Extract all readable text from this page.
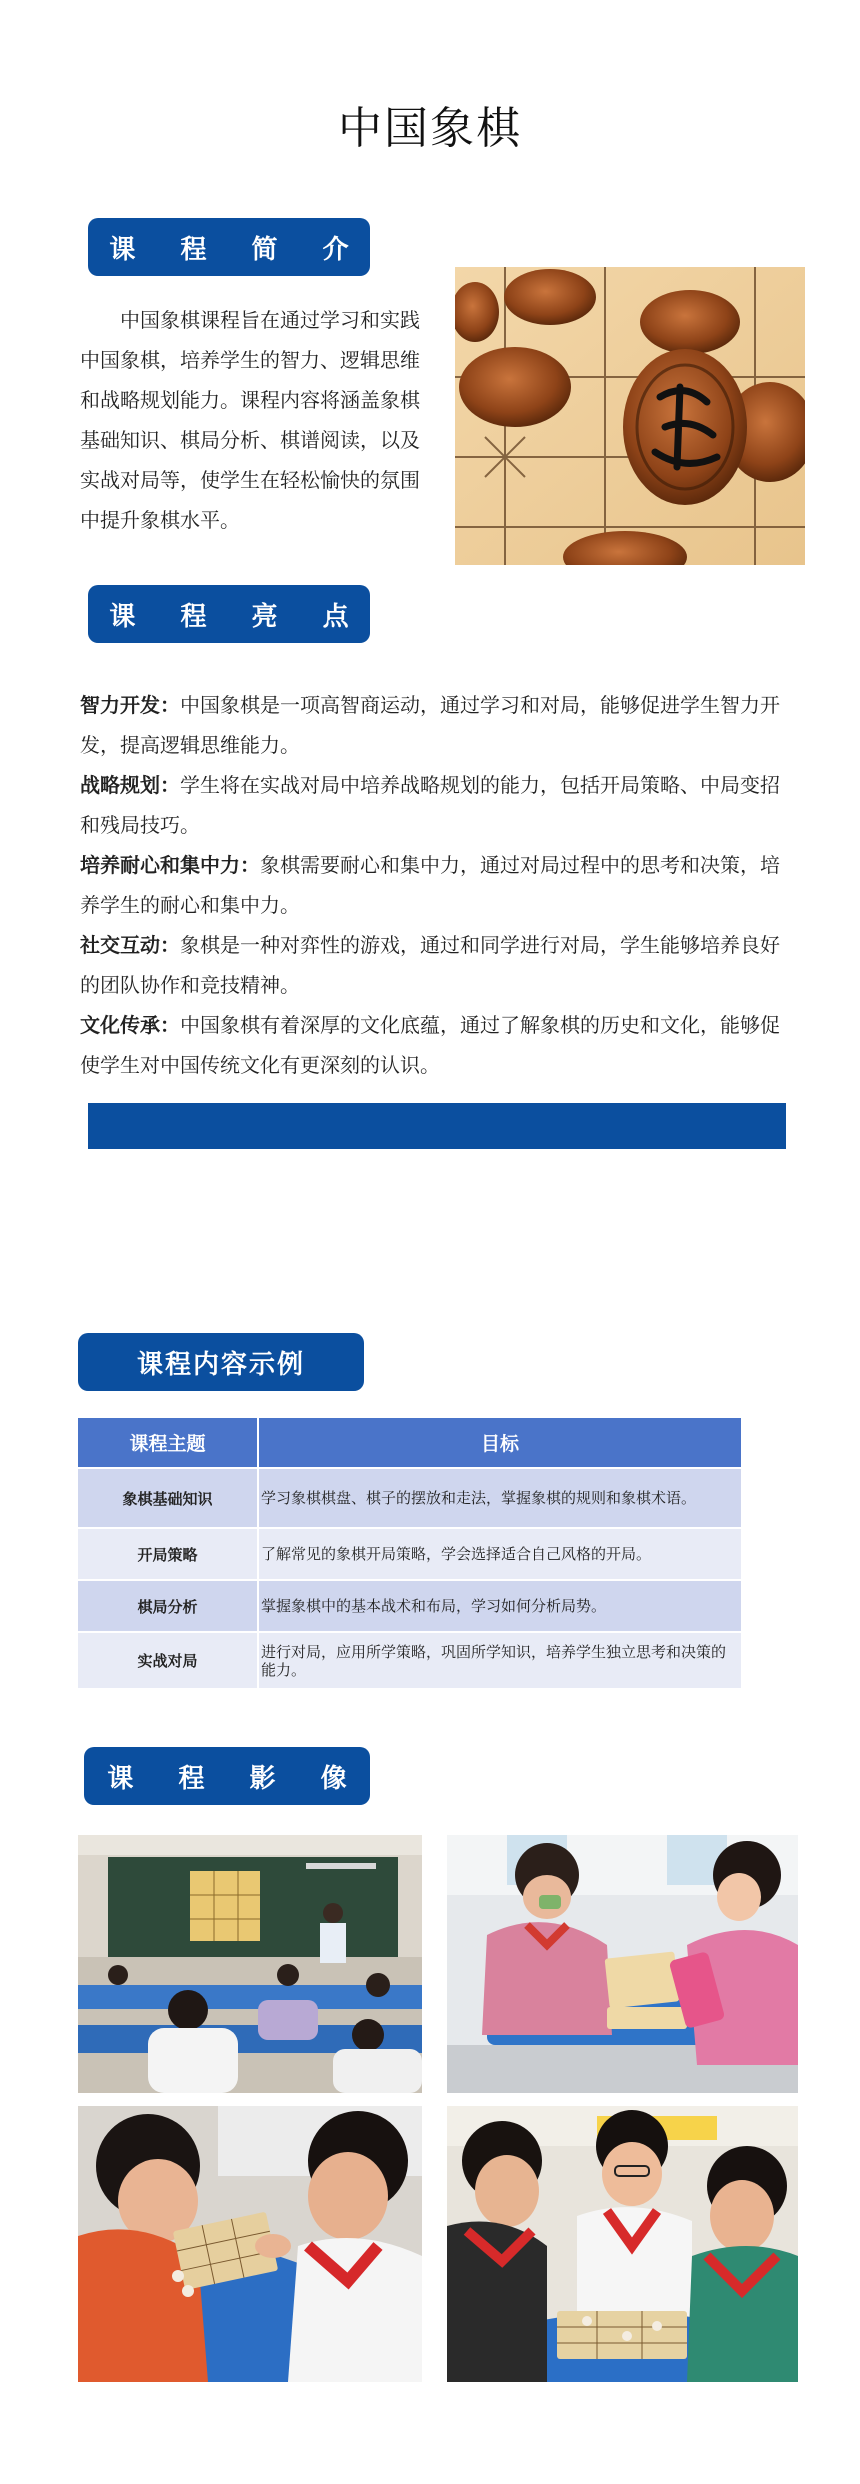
中国象棋
课 程 简 介

中国象棋课程旨在通过学习和实践中国象棋，培养学生的智力、逻辑思维和战略规划能力。课程内容将涵盖象棋基础知识、棋局分析、棋谱阅读，以及实战对局等，使学生在轻松愉快的氛围中提升象棋水平。

课 程 亮 点

智力开发：中国象棋是一项高智商运动，通过学习和对局，能够促进学生智力开发，提高逻辑思维能力。

战略规划：学生将在实战对局中培养战略规划的能力，包括开局策略、中局变招和残局技巧。

培养耐心和集中力：象棋需要耐心和集中力，通过对局过程中的思考和决策，培养学生的耐心和集中力。

社交互动：象棋是一种对弈性的游戏，通过和同学进行对局，学生能够培养良好的团队协作和竞技精神。

文化传承：中国象棋有着深厚的文化底蕴，通过了解象棋的历史和文化，能够促使学生对中国传统文化有更深刻的认识。

课程内容示例
课程主题	目标
象棋基础知识	学习象棋棋盘、棋子的摆放和走法，掌握象棋的规则和象棋术语。
开局策略	了解常见的象棋开局策略，学会选择适合自己风格的开局。
棋局分析	掌握象棋中的基本战术和布局，学习如何分析局势。
实战对局	进行对局，应用所学策略，巩固所学知识，培养学生独立思考和决策的能力。
课 程 影 像
